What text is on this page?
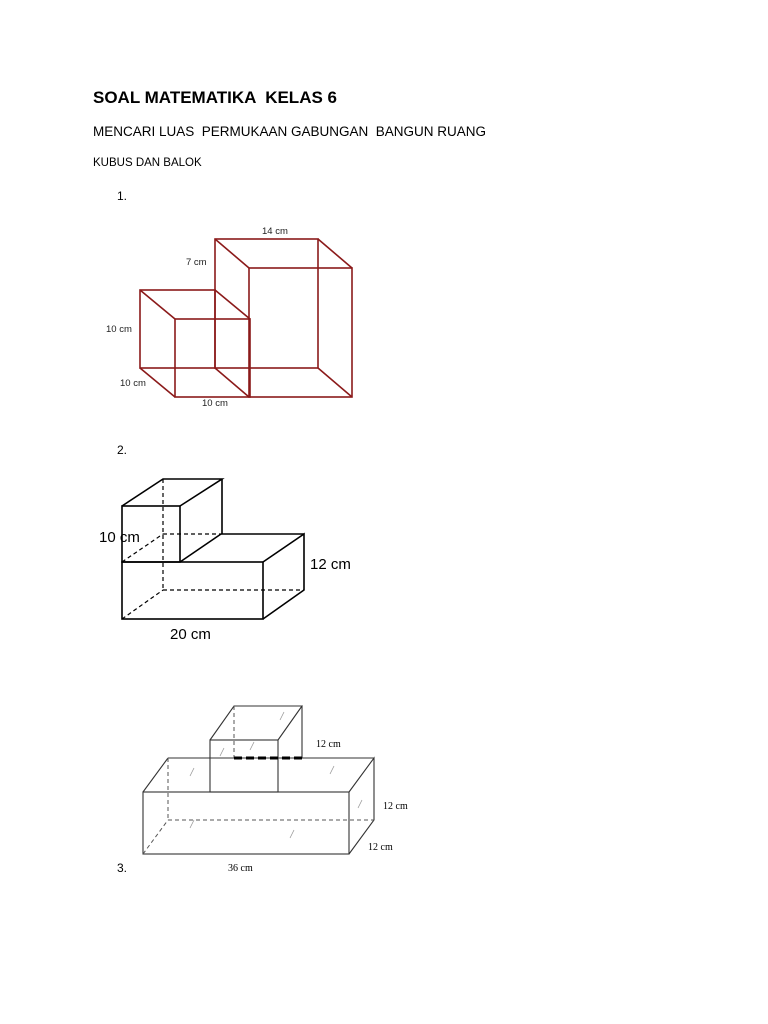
SOAL MATEMATIKA  KELAS 6
MENCARI LUAS  PERMUKAAN GABUNGAN  BANGUN RUANG
KUBUS DAN BALOK
1.
2.
3.
14 cm
7 cm
10 cm
10 cm
10 cm
10 cm
12 cm
20 cm
12 cm
12 cm
12 cm
36 cm
